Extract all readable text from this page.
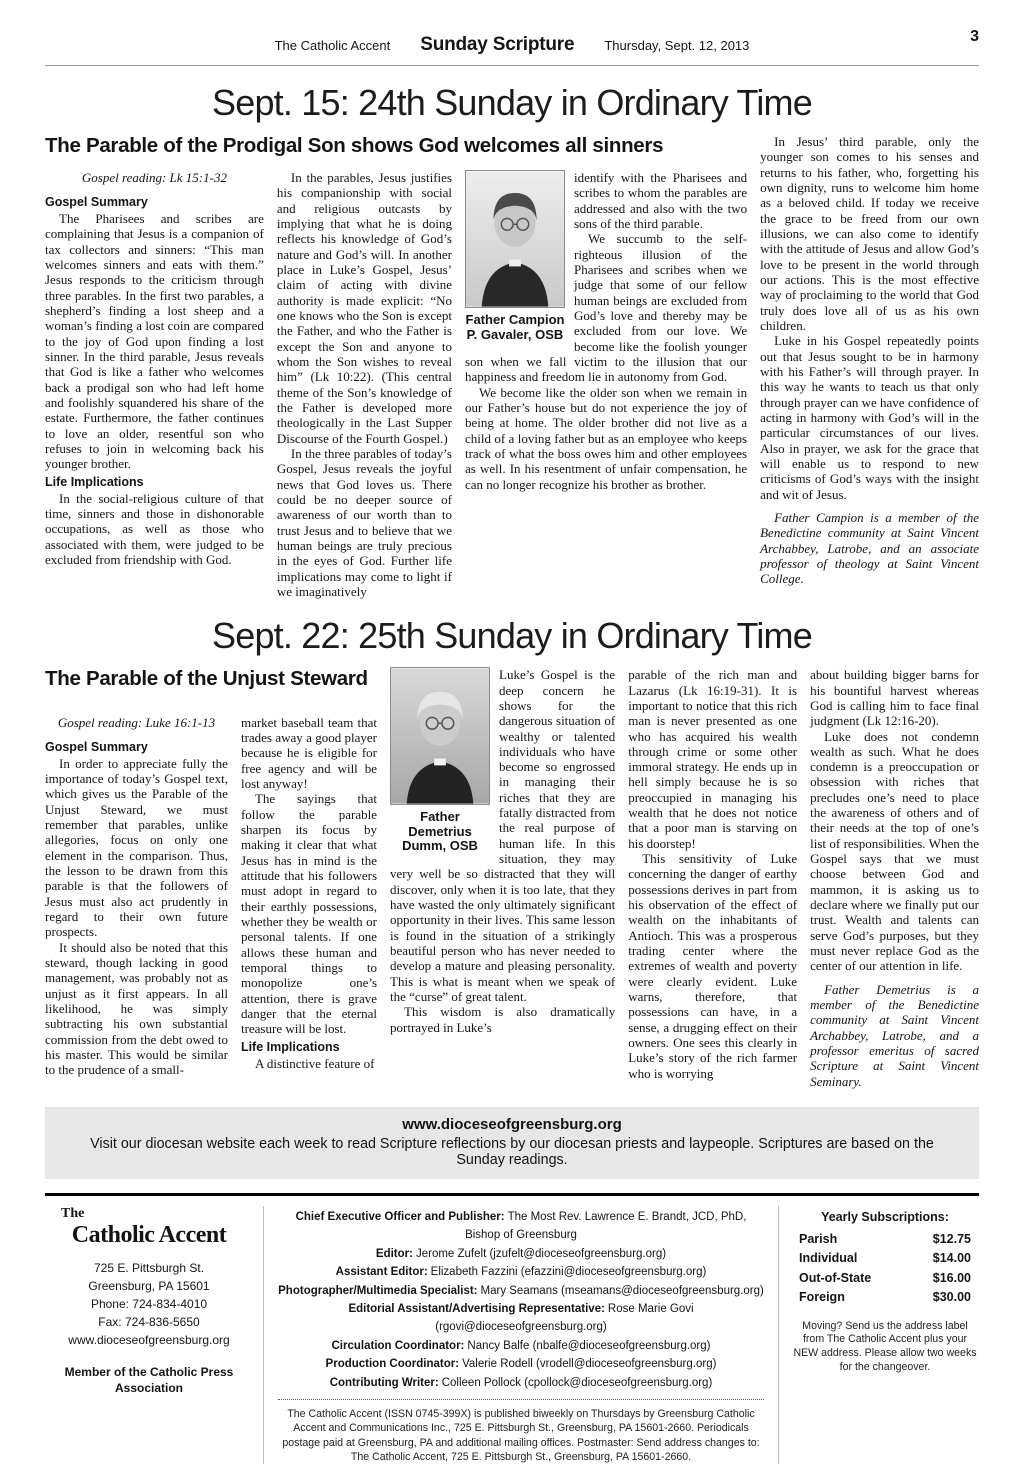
The Catholic Accent Sunday Scripture Thursday, Sept. 12, 2013
3
Sept. 15: 24th Sunday in Ordinary Time
The Parable of the Prodigal Son shows God welcomes all sinners

Gospel reading: Lk 15:1-32

Gospel Summary

The Pharisees and scribes are complaining that Jesus is a companion of tax collectors and sinners: “This man welcomes sinners and eats with them.” Jesus responds to the criticism through three parables. In the first two parables, a shepherd’s finding a lost sheep and a woman’s finding a lost coin are compared to the joy of God upon finding a lost sinner. In the third parable, Jesus reveals that God is like a father who welcomes back a prodigal son who had left home and foolishly squandered his share of the estate. Furthermore, the father continues to love an older, resentful son who refuses to join in welcoming back his younger brother.

Life Implications

In the social-religious culture of that time, sinners and those in dishonorable occupations, as well as those who associated with them, were judged to be excluded from friendship with God.

In the parables, Jesus justifies his companionship with social and religious outcasts by implying that what he is doing reflects his knowledge of God’s nature and God’s will. In another place in Luke’s Gospel, Jesus’ claim of acting with divine authority is made explicit: “No one knows who the Son is except the Father, and who the Father is except the Son and anyone to whom the Son wishes to reveal him” (Lk 10:22). (This central theme of the Son’s knowledge of the Father is developed more theologically in the Last Supper Discourse of the Fourth Gospel.)

In the three parables of today’s Gospel, Jesus reveals the joyful news that God loves us. There could be no deeper source of awareness of our worth than to trust Jesus and to believe that we human beings are truly precious in the eyes of God. Further life implications may come to light if we imaginatively

Father Campion P. Gavaler, OSB

identify with the Pharisees and scribes to whom the parables are addressed and also with the two sons of the third parable.

We succumb to the self-righteous illusion of the Pharisees and scribes when we judge that some of our fellow human beings are excluded from God’s love and thereby may be excluded from our love. We become like the foolish younger son when we fall victim to the illusion that our happiness and freedom lie in autonomy from God.

We become like the older son when we remain in our Father’s house but do not experience the joy of being at home. The older brother did not live as a child of a loving father but as an employee who keeps track of what the boss owes him and other employees as well. In his resentment of unfair compensation, he can no longer recognize his brother as brother.

In Jesus’ third parable, only the younger son comes to his senses and returns to his father, who, forgetting his own dignity, runs to welcome him home as a beloved child. If today we receive the grace to be freed from our own illusions, we can also come to identify with the attitude of Jesus and allow God’s love to be present in the world through our actions. This is the most effective way of proclaiming to the world that God truly does love all of us as his own children.

Luke in his Gospel repeatedly points out that Jesus sought to be in harmony with his Father’s will through prayer. In this way he wants to teach us that only through prayer can we have confidence of acting in harmony with God’s will in the particular circumstances of our lives. Also in prayer, we ask for the grace that will enable us to respond to new criticisms of God’s ways with the insight and wit of Jesus.

Father Campion is a member of the Benedictine community at Saint Vincent Archabbey, Latrobe, and an associate professor of theology at Saint Vincent College.

Sept. 22: 25th Sunday in Ordinary Time
The Parable of the Unjust Steward

Gospel reading: Luke 16:1-13

Gospel Summary

In order to appreciate fully the importance of today’s Gospel text, which gives us the Parable of the Unjust Steward, we must remember that parables, unlike allegories, focus on only one element in the comparison. Thus, the lesson to be drawn from this parable is that the followers of Jesus must also act prudently in regard to their own future prospects.

It should also be noted that this steward, though lacking in good management, was probably not as unjust as it first appears. In all likelihood, he was simply subtracting his own substantial commission from the debt owed to his master. This would be similar to the prudence of a small-

market baseball team that trades away a good player because he is eligible for free agency and will be lost anyway!

The sayings that follow the parable sharpen its focus by making it clear that what Jesus has in mind is the attitude that his followers must adopt in regard to their earthly possessions, whether they be wealth or personal talents. If one allows these human and temporal things to monopolize one’s attention, there is grave danger that the eternal treasure will be lost.

Life Implications

A distinctive feature of

Father Demetrius Dumm, OSB

Luke’s Gospel is the deep concern he shows for the dangerous situation of wealthy or talented individuals who have become so engrossed in managing their riches that they are fatally distracted from the real purpose of human life. In this situation, they may very well be so distracted that they will discover, only when it is too late, that they have wasted the only ultimately significant opportunity in their lives. This same lesson is found in the situation of a strikingly beautiful person who has never needed to develop a mature and pleasing personality. This is what is meant when we speak of the “curse” of great talent.

This wisdom is also dramatically portrayed in Luke’s

parable of the rich man and Lazarus (Lk 16:19-31). It is important to notice that this rich man is never presented as one who has acquired his wealth through crime or some other immoral strategy. He ends up in hell simply because he is so preoccupied in managing his wealth that he does not notice that a poor man is starving on his doorstep!

This sensitivity of Luke concerning the danger of earthy possessions derives in part from his observation of the effect of wealth on the inhabitants of Antioch. This was a prosperous trading center where the extremes of wealth and poverty were clearly evident. Luke warns, therefore, that possessions can have, in a sense, a drugging effect on their owners. One sees this clearly in Luke’s story of the rich farmer who is worrying

about building bigger barns for his bountiful harvest whereas God is calling him to face final judgment (Lk 12:16-20).

Luke does not condemn wealth as such. What he does condemn is a preoccupation or obsession with riches that precludes one’s need to place the awareness of others and of their needs at the top of one’s list of responsibilities. When the Gospel says that we must choose between God and mammon, it is asking us to declare where we finally put our trust. Wealth and talents can serve God’s purposes, but they must never replace God as the center of our attention in life.

Father Demetrius is a member of the Benedictine community at Saint Vincent Archabbey, Latrobe, and a professor emeritus of sacred Scripture at Saint Vincent Seminary.

www.dioceseofgreensburg.org
Visit our diocesan website each week to read Scripture reflections by our diocesan priests and laypeople. Scriptures are based on the Sunday readings.
The
Catholic Accent
725 E. Pittsburgh St.
Greensburg, PA 15601
Phone: 724-834-4010
Fax: 724-836-5650
www.dioceseofgreensburg.org
Member of the Catholic Press Association
Chief Executive Officer and Publisher: The Most Rev. Lawrence E. Brandt, JCD, PhD, Bishop of Greensburg
Editor: Jerome Zufelt (jzufelt@dioceseofgreensburg.org)
Assistant Editor: Elizabeth Fazzini (efazzini@dioceseofgreensburg.org)
Photographer/Multimedia Specialist: Mary Seamans (mseamans@dioceseofgreensburg.org)
Editorial Assistant/Advertising Representative: Rose Marie Govi (rgovi@dioceseofgreensburg.org)
Circulation Coordinator: Nancy Balfe (nbalfe@dioceseofgreensburg.org)
Production Coordinator: Valerie Rodell (vrodell@dioceseofgreensburg.org)
Contributing Writer: Colleen Pollock (cpollock@dioceseofgreensburg.org)
The Catholic Accent (ISSN 0745-399X) is published biweekly on Thursdays by Greensburg Catholic Accent and Communications Inc., 725 E. Pittsburgh St., Greensburg, PA 15601-2660. Periodicals postage paid at Greensburg, PA and additional mailing offices. Postmaster: Send address changes to: The Catholic Accent, 725 E. Pittsburgh St., Greensburg, PA 15601-2660.
Yearly Subscriptions:
Parish	$12.75
Individual	$14.00
Out-of-State	$16.00
Foreign	$30.00
Moving? Send us the address label from The Catholic Accent plus your NEW address. Please allow two weeks for the changeover.
